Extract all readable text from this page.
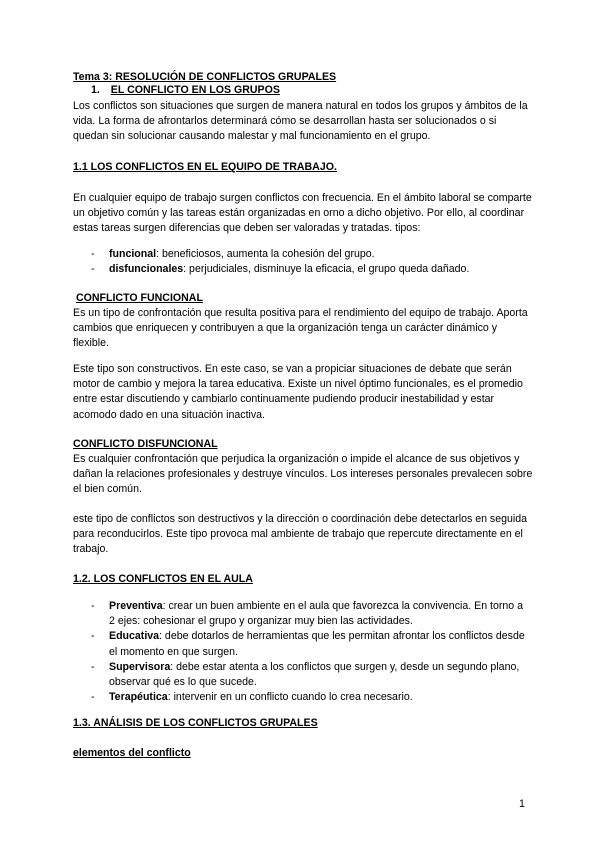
Tema 3: RESOLUCIÓN DE CONFLICTOS GRUPALES
1. EL CONFLICTO EN LOS GRUPOS

Los conflictos son situaciones que surgen de manera natural en todos los grupos y ámbitos de la vida. La forma de afrontarlos determinará cómo se desarrollan hasta ser solucionados o si quedan sin solucionar causando malestar y mal funcionamiento en el grupo.

1.1 LOS CONFLICTOS EN EL EQUIPO DE TRABAJO.

En cualquier equipo de trabajo surgen conflictos con frecuencia. En el ámbito laboral se comparte un objetivo común y las tareas están organizadas en orno a dicho objetivo. Por ello, al coordinar estas tareas surgen diferencias que deben ser valoradas y tratadas. tipos:

- funcional: beneficiosos, aumenta la cohesión del grupo.
- disfuncionales: perjudiciales, disminuye la eficacia, el grupo queda dañado.
CONFLICTO FUNCIONAL

Es un tipo de confrontación que resulta positiva para el rendimiento del equipo de trabajo. Aporta cambios que enriquecen y contribuyen a que la organización tenga un carácter dinámico y flexible.

Este tipo son constructivos. En este caso, se van a propiciar situaciones de debate que serán motor de cambio y mejora la tarea educativa. Existe un nivel óptimo funcionales, es el promedio entre estar discutiendo y cambiarlo continuamente pudiendo producir inestabilidad y estar acomodo dado en una situación inactiva.

CONFLICTO DISFUNCIONAL

Es cualquier confrontación que perjudica la organización o impide el alcance de sus objetivos y dañan la relaciones profesionales y destruye vínculos. Los intereses personales prevalecen sobre el bien común.

este tipo de conflictos son destructivos y la dirección o coordinación debe detectarlos en seguida para reconducirlos. Este tipo provoca mal ambiente de trabajo que repercute directamente en el trabajo.

1.2. LOS CONFLICTOS EN EL AULA
- Preventiva: crear un buen ambiente en el aula que favorezca la convivencia. En torno a 2 ejes: cohesionar el grupo y organizar muy bien las actividades.
- Educativa: debe dotarlos de herramientas que les permitan afrontar los conflictos desde el momento en que surgen.
- Supervisora: debe estar atenta a los conflictos que surgen y, desde un segundo plano, observar qué es lo que sucede.
- Terapéutica: intervenir en un conflicto cuando lo crea necesario.
1.3. ANÁLISIS DE LOS CONFLICTOS GRUPALES
elementos del conflicto
1
